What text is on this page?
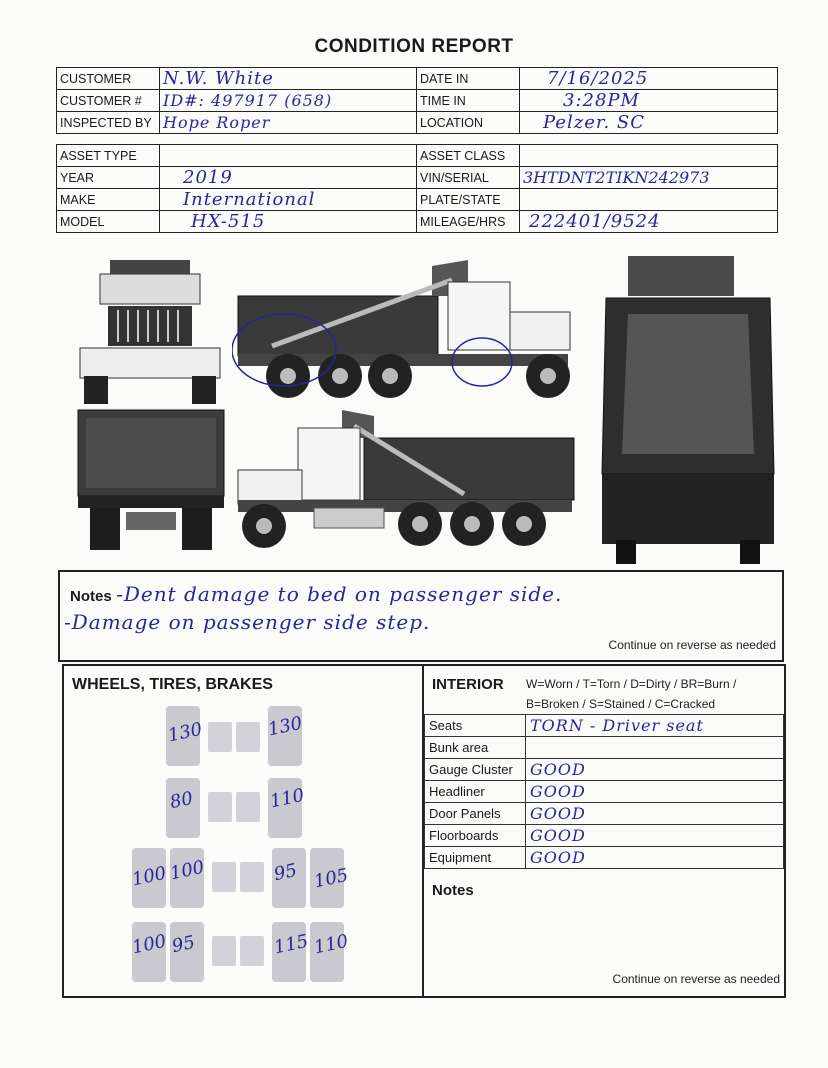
CONDITION REPORT
CUSTOMER	N.W. White	DATE IN	7/16/2025
CUSTOMER #	ID#: 497917 (658)	TIME IN	3:28PM
INSPECTED BY	Hope Roper	LOCATION	Pelzer. SC
ASSET TYPE		ASSET CLASS	
YEAR	2019	VIN/SERIAL	3HTDNT2TIKN242973
MAKE	International	PLATE/STATE	
MODEL	HX-515	MILEAGE/HRS	222401/9524
Notes -Dent damage to bed on passenger side.
-Damage on passenger side step.
Continue on reverse as needed
WHEELS, TIRES, BRAKES
130	130
80	110
100 100	95 105
100 95	115 110
INTERIOR W=Worn / T=Torn / D=Dirty / BR=Burn /
B=Broken / S=Stained / C=Cracked
Notes
Continue on reverse as needed
Seats	TORN - Driver seat
Bunk area	
Gauge Cluster	GOOD
Headliner	GOOD
Door Panels	GOOD
Floorboards	GOOD
Equipment	GOOD
